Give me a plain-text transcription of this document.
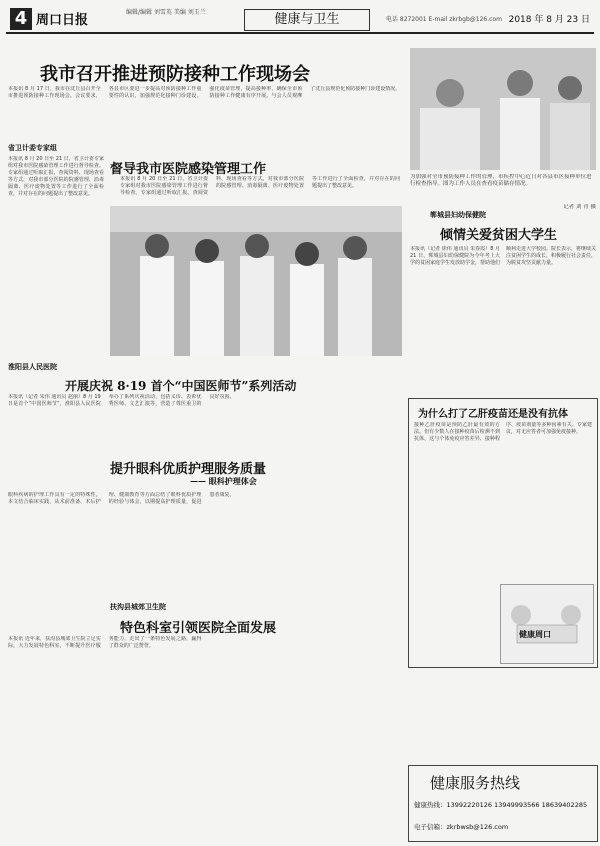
4 周口日报
编辑/编辑 刘雪英 美编 刘玉兰	健康与卫生	电话 8272001 E-mail zkrbgb@126.com 2018 年 8 月 23 日
我市召开推进预防接种工作现场会
本报讯 8 月 17 日，我市在沈丘县召开全市推进预防接种工作现场会。会议要求，各县市区要进一步提高对预防接种工作重要性的认识，加强规范化接种门诊建设，强化疫苗管理，提高接种率，确保全市预防接种工作健康有序开展。与会人员观摩了沈丘县规范化预防接种门诊建设情况。
为加强对全市预防接种工作的管理，市疾控中心近日对各县市区接种单位进行检查指导。图为工作人员在查看疫苗储存情况。
记者 刘 青 摄
省卫计委专家组
督导我市医院感染管理工作
本报讯 8 月 20 日至 21 日，省卫计委专家组对我市医院感染管理工作进行督导检查。专家组通过听取汇报、查阅资料、现场查看等方式，对我市部分医院的院感管理、消毒隔离、医疗废物处置等工作进行了全面检查，并对存在的问题提出了整改意见。
本报讯 8 月 20 日至 21 日，省卫计委专家组对我市医院感染管理工作进行督导检查。专家组通过听取汇报、查阅资料、现场查看等方式，对我市部分医院的院感管理、消毒隔离、医疗废物处置等工作进行了全面检查，并对存在的问题提出了整改意见。
郸城县妇幼保健院
倾情关爱贫困大学生
本报讯（记者 徐伟 通讯员 朱春霞）8 月 21 日，郸城县妇幼保健院为今年考上大学的贫困家庭学生发放助学金，帮助他们顺利走进大学校园。院长表示，将继续关注贫困学生的成长，积极履行社会责任，为脱贫攻坚贡献力量。
淮阳县人民医院
开展庆祝 8·19 首个“中国医师节”系列活动
本报讯（记者 朱伟 通讯员 赵丽）8 月 19 日是首个“中国医师节”，淮阳县人民医院举办了系列庆祝活动，包括义诊、表彰优秀医师、文艺汇演等，营造了尊医重卫的良好氛围。
提升眼科优质护理服务质量
—— 眼科护理体会
眼科疾病的护理工作具有一定的特殊性。本文结合临床实践，从术前准备、术后护理、健康教育等方面总结了眼科优质护理的经验与体会，以期提高护理质量，促进患者康复。
扶沟县城郊卫生院
特色科室引领医院全面发展
本报讯 近年来，扶沟县城郊卫生院立足实际，大力发展特色科室，不断提升医疗服务能力，走出了一条特色发展之路，赢得了群众的广泛赞誉。
为什么打了乙肝疫苗还是没有抗体
接种乙肝疫苗是预防乙肝最有效的方法。但有少数人在接种疫苗后检测不到抗体，这与个体免疫应答差异、接种程序、疫苗剂量等多种因素有关。专家建议，对无应答者可加强免疫接种。
健康周口
健康服务热线
健康热线：13992220126 13949993566 18639402285
电子信箱：zkrbwsb@126.com
